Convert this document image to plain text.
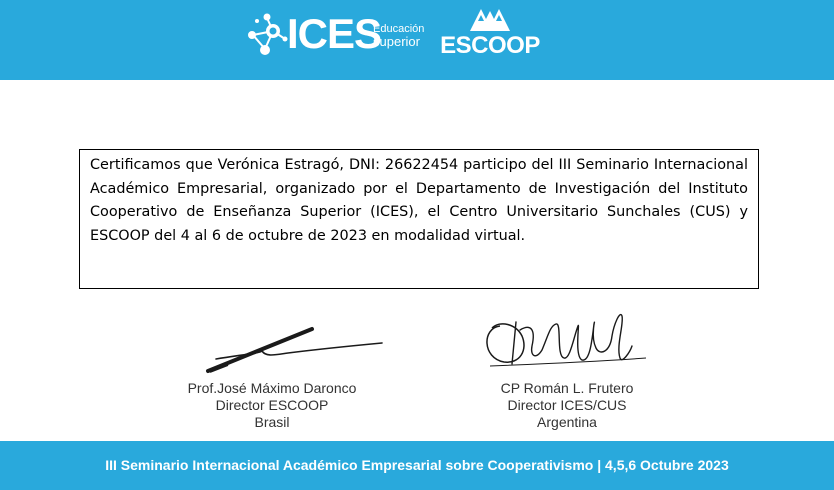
ICES
Educación
superior ESCOOP

Certificamos que Verónica Estragó, DNI: 26622454 participo del III Seminario Internacional Académico Empresarial, organizado por el Departamento de Investigación del Instituto Cooperativo de Enseñanza Superior (ICES), el Centro Universitario Sunchales (CUS) y ESCOOP del 4 al 6 de octubre de 2023 en modalidad virtual.

Prof.José Máximo Daronco
Director ESCOOP
Brasil
CP Román L. Frutero
Director ICES/CUS
Argentina
III Seminario Internacional Académico Empresarial sobre Cooperativismo | 4,5,6 Octubre 2023
